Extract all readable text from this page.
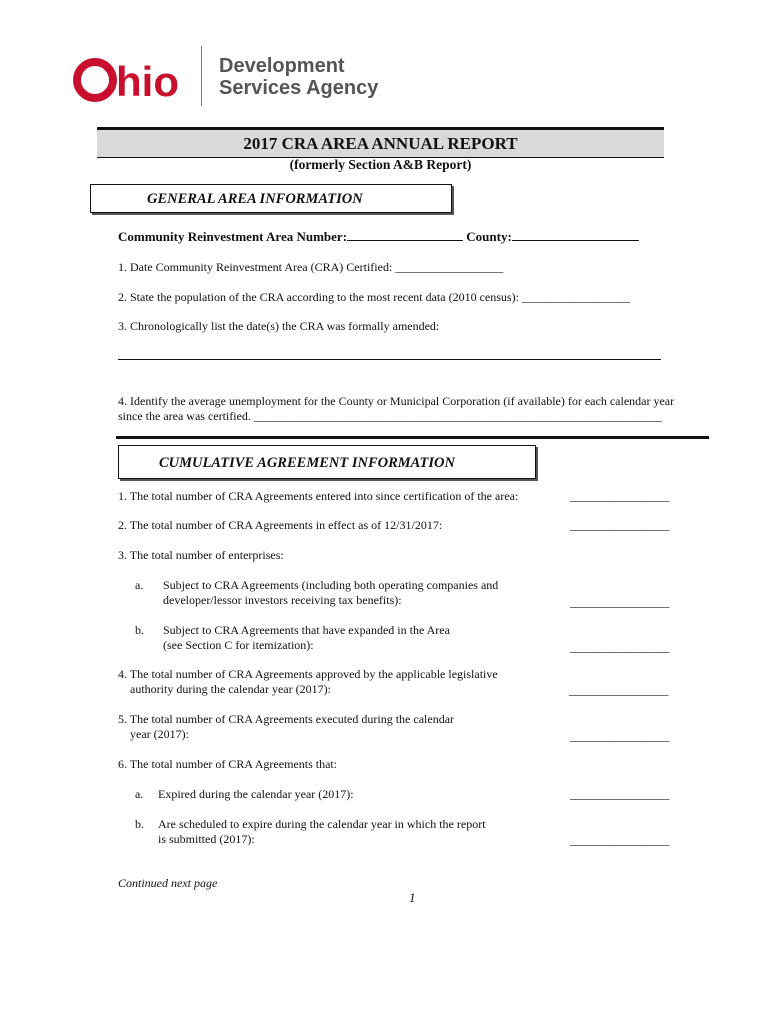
hio Development
Services Agency
2017 CRA AREA ANNUAL REPORT
(formerly Section A&B Report)
GENERAL AREA INFORMATION
Community Reinvestment Area Number:	County:
1. Date Community Reinvestment Area (CRA) Certified: __________________
2. State the population of the CRA according to the most recent data (2010 census): __________________
3. Chronologically list the date(s) the CRA was formally amended:
4. Identify the average unemployment for the County or Municipal Corporation (if available) for each calendar year
since the area was certified. ____________________________________________________________________
CUMULATIVE AGREEMENT INFORMATION
1. The total number of CRA Agreements entered into since certification of the area:	__________________
2. The total number of CRA Agreements in effect as of 12/31/2017:	__________________
3. The total number of enterprises:
a. Subject to CRA Agreements (including both operating companies and
developer/lessor investors receiving tax benefits):	__________________
b. Subject to CRA Agreements that have expanded in the Area
(see Section C for itemization):	__________________
4. The total number of CRA Agreements approved by the applicable legislative
authority during the calendar year (2017):	__________________
5. The total number of CRA Agreements executed during the calendar
year (2017):	__________________
6. The total number of CRA Agreements that:
a. Expired during the calendar year (2017):	__________________
b. Are scheduled to expire during the calendar year in which the report
is submitted (2017):	__________________
Continued next page
1
